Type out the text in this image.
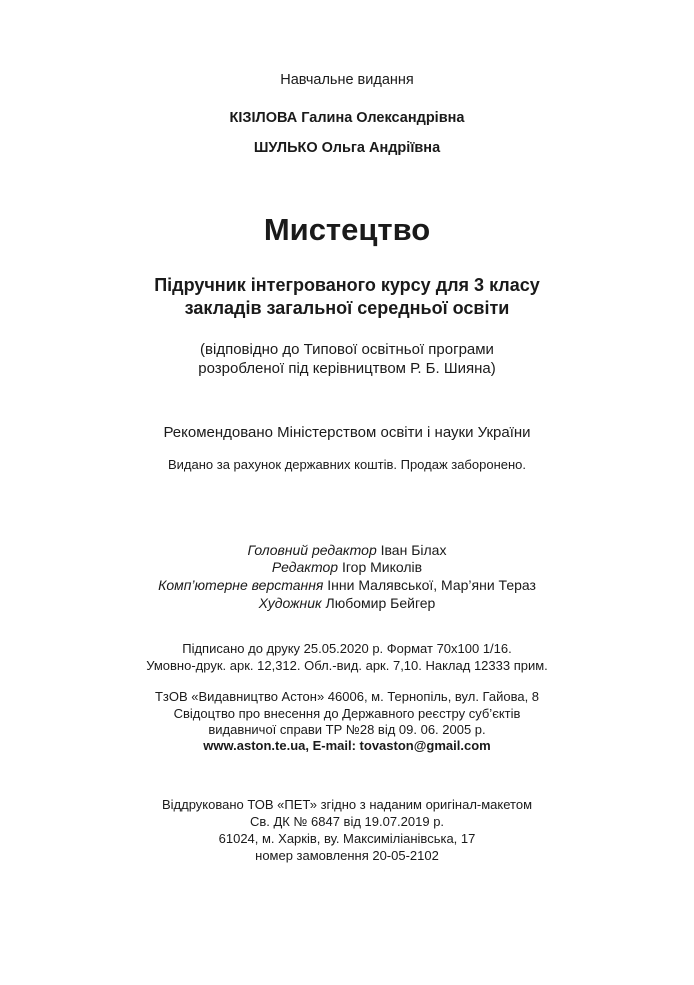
Навчальне видання
КІЗІЛОВА Галина Олександрівна
ШУЛЬКО Ольга Андріївна
Мистецтво
Підручник інтегрованого курсу для 3 класу
закладів загальної середньої освіти
(відповідно до Типової освітньої програми
розробленої під керівництвом Р. Б. Шияна)
Рекомендовано Міністерством освіти і науки України
Видано за рахунок державних коштів. Продаж заборонено.
Головний редактор Іван Білах
Редактор Ігор Миколів
Комп’ютерне верстання Інни Малявської, Мар’яни Тераз
Художник Любомир Бейгер
Підписано до друку 25.05.2020 р. Формат 70х100 1/16.
Умовно-друк. арк. 12,312. Обл.-вид. арк. 7,10. Наклад 12333 прим.
ТзОВ «Видавництво Астон» 46006, м. Тернопіль, вул. Гайова, 8
Свідоцтво про внесення до Державного реєстру суб’єктів
видавничої справи ТР №28 від 09. 06. 2005 р.
www.aston.te.ua, E-mail: tovaston@gmail.com
Віддруковано ТОВ «ПЕТ» згідно з наданим оригінал-макетом
Св. ДК № 6847 від 19.07.2019 р.
61024, м. Харків, ву. Максиміліанівська, 17
номер замовлення 20-05-2102
